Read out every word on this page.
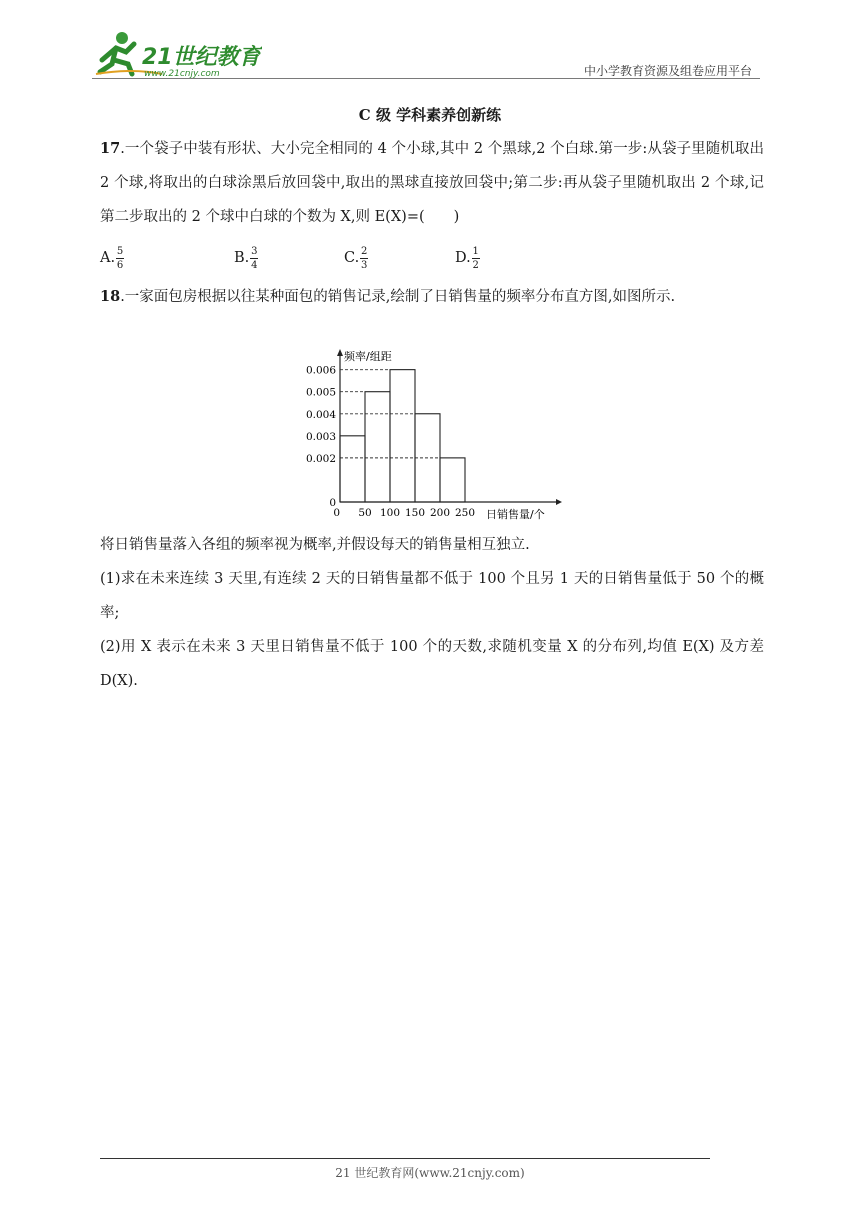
21世纪教育
www.21cnjy.com	中小学教育资源及组卷应用平台
C 级 学科素养创新练
17.一个袋子中装有形状、大小完全相同的 4 个小球,其中 2 个黑球,2 个白球.第一步:从袋子里随机取出 2 个球,将取出的白球涂黑后放回袋中,取出的黑球直接放回袋中;第二步:再从袋子里随机取出 2 个球,记第二步取出的 2 个球中白球的个数为 X,则 E(X)=(　　)
A. $\frac{5}{6}$	B. $\frac{3}{4}$	C. $\frac{2}{3}$	D. $\frac{1}{2}$
18.一家面包房根据以往某种面包的销售记录,绘制了日销售量的频率分布直方图,如图所示.
0
0.002
0.003
0.004
0.005
0.006
0 50 100 150 200 250
频率/组距
日销售量/个
将日销售量落入各组的频率视为概率,并假设每天的销售量相互独立.
(1)求在未来连续 3 天里,有连续 2 天的日销售量都不低于 100 个且另 1 天的日销售量低于 50 个的概率;
(2)用 X 表示在未来 3 天里日销售量不低于 100 个的天数,求随机变量 X 的分布列,均值 E(X) 及方差 D(X).
21 世纪教育网(www.21cnjy.com)
